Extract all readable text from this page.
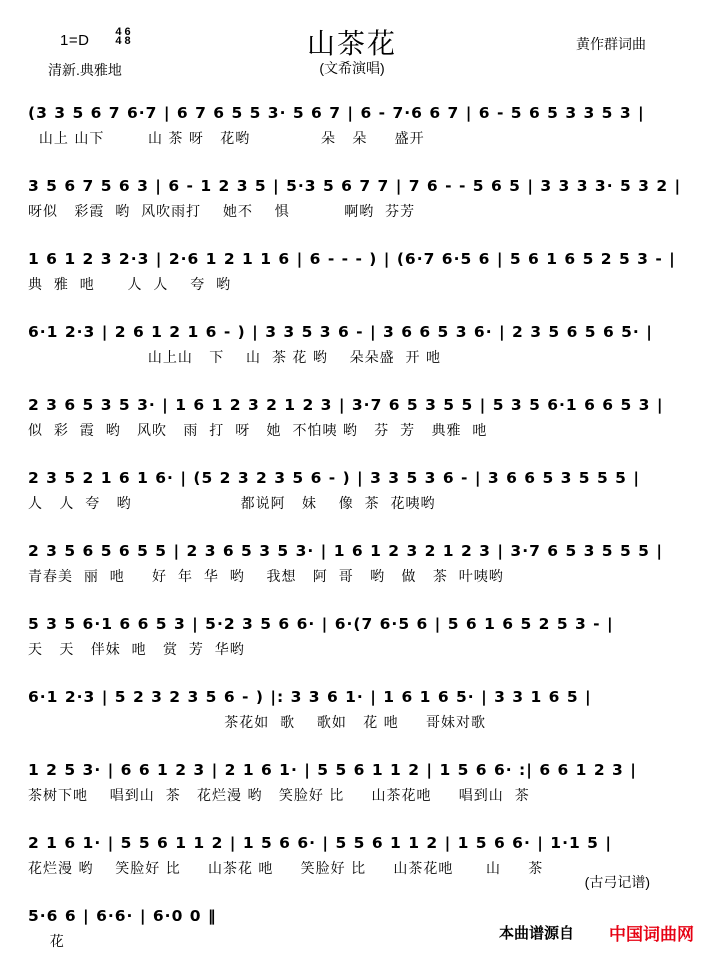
1=D	4 6
4 8
清新.典雅地
山茶花
(文希演唱)
黄作群词曲
(3 3 5 6 7 6·7 | 6 7 6 5 5 3· 5 6 7 | 6 - 7·6 6 7 | 6 - 5 6 5 3 3 5 3 |
山上 山下        山 茶 呀   花哟             朵   朵     盛开
3 5 6 7 5 6 3 | 6 - 1 2 3 5 | 5·3 5 6 7 7 | 7 6 - - 5 6 5 | 3 3 3 3· 5 3 2 |
呀似   彩霞  哟  风吹雨打    她不    惧          啊哟  芬芳
1 6 1 2 3 2·3 | 2·6 1 2 1 1 6 | 6 - - - ) | (6·7 6·5 6 | 5 6 1 6 5 2 5 3 - |
典  雅  吔      人  人    夸  哟
6·1 2·3 | 2 6 1 2 1 6 - ) | 3 3 5 3 6 - | 3 6 6 5 3 6· | 2 3 5 6 5 6 5· |
山上山   下    山  茶 花 哟    朵朵盛  开 吔
2 3 6 5 3 5 3· | 1 6 1 2 3 2 1 2 3 | 3·7 6 5 3 5 5 | 5 3 5 6·1 6 6 5 3 |
似  彩  霞  哟   风吹   雨  打  呀   她  不怕咦 哟   芬  芳   典雅  吔
2 3 5 2 1 6 1 6· | (5 2 3 2 3 5 6 - ) | 3 3 5 3 6 - | 3 6 6 5 3 5 5 5 |
人   人  夸   哟                    都说阿   妹    像  茶  花咦哟
2 3 5 6 5 6 5 5 | 2 3 6 5 3 5 3· | 1 6 1 2 3 2 1 2 3 | 3·7 6 5 3 5 5 5 |
青春美  丽  吔     好  年  华  哟    我想   阿  哥   哟   做   茶  叶咦哟
5 3 5 6·1 6 6 5 3 | 5·2 3 5 6 6· | 6·(7 6·5 6 | 5 6 1 6 5 2 5 3 - |
天   天   伴妹  吔   赏  芳  华哟
6·1 2·3 | 5 2 3 2 3 5 6 - ) |: 3 3 6 1· | 1 6 1 6 5· | 3 3 1 6 5 |
茶花如  歌    歌如   花 吔     哥妹对歌
1 2 5 3· | 6 6 1 2 3 | 2 1 6 1· | 5 5 6 1 1 2 | 1 5 6 6· :| 6 6 1 2 3 |
茶树下吔    唱到山  茶   花烂漫 哟   笑脸好 比     山茶花吔     唱到山  茶
2 1 6 1· | 5 5 6 1 1 2 | 1 5 6 6· | 5 5 6 1 1 2 | 1 5 6 6· | 1·1 5 |
花烂漫 哟    笑脸好 比     山茶花 吔     笑脸好 比     山茶花吔      山     茶
5·6 6 | 6·6· | 6·0 0 ‖
花
(古弓记谱)
本曲谱源自 中国词曲网
